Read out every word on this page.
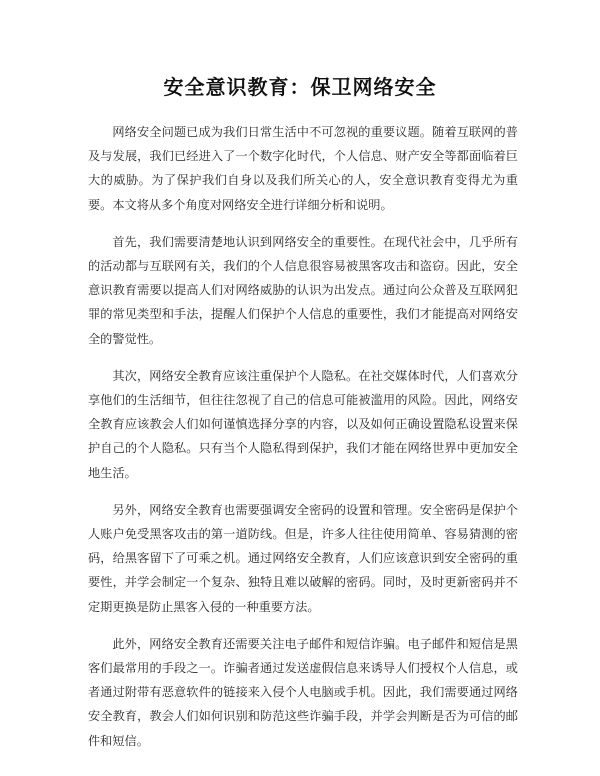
安全意识教育：保卫网络安全

网络安全问题已成为我们日常生活中不可忽视的重要议题。随着互联网的普及与发展，我们已经进入了一个数字化时代，个人信息、财产安全等都面临着巨大的威胁。为了保护我们自身以及我们所关心的人，安全意识教育变得尤为重要。本文将从多个角度对网络安全进行详细分析和说明。

首先，我们需要清楚地认识到网络安全的重要性。在现代社会中，几乎所有的活动都与互联网有关，我们的个人信息很容易被黑客攻击和盗窃。因此，安全意识教育需要以提高人们对网络威胁的认识为出发点。通过向公众普及互联网犯罪的常见类型和手法，提醒人们保护个人信息的重要性，我们才能提高对网络安全的警觉性。

其次，网络安全教育应该注重保护个人隐私。在社交媒体时代，人们喜欢分享他们的生活细节，但往往忽视了自己的信息可能被滥用的风险。因此，网络安全教育应该教会人们如何谨慎选择分享的内容，以及如何正确设置隐私设置来保护自己的个人隐私。只有当个人隐私得到保护，我们才能在网络世界中更加安全地生活。

另外，网络安全教育也需要强调安全密码的设置和管理。安全密码是保护个人账户免受黑客攻击的第一道防线。但是，许多人往往使用简单、容易猜测的密码，给黑客留下了可乘之机。通过网络安全教育，人们应该意识到安全密码的重要性，并学会制定一个复杂、独特且难以破解的密码。同时，及时更新密码并不定期更换是防止黑客入侵的一种重要方法。

此外，网络安全教育还需要关注电子邮件和短信诈骗。电子邮件和短信是黑客们最常用的手段之一。诈骗者通过发送虚假信息来诱导人们授权个人信息，或者通过附带有恶意软件的链接来入侵个人电脑或手机。因此，我们需要通过网络安全教育，教会人们如何识别和防范这些诈骗手段，并学会判断是否为可信的邮件和短信。
